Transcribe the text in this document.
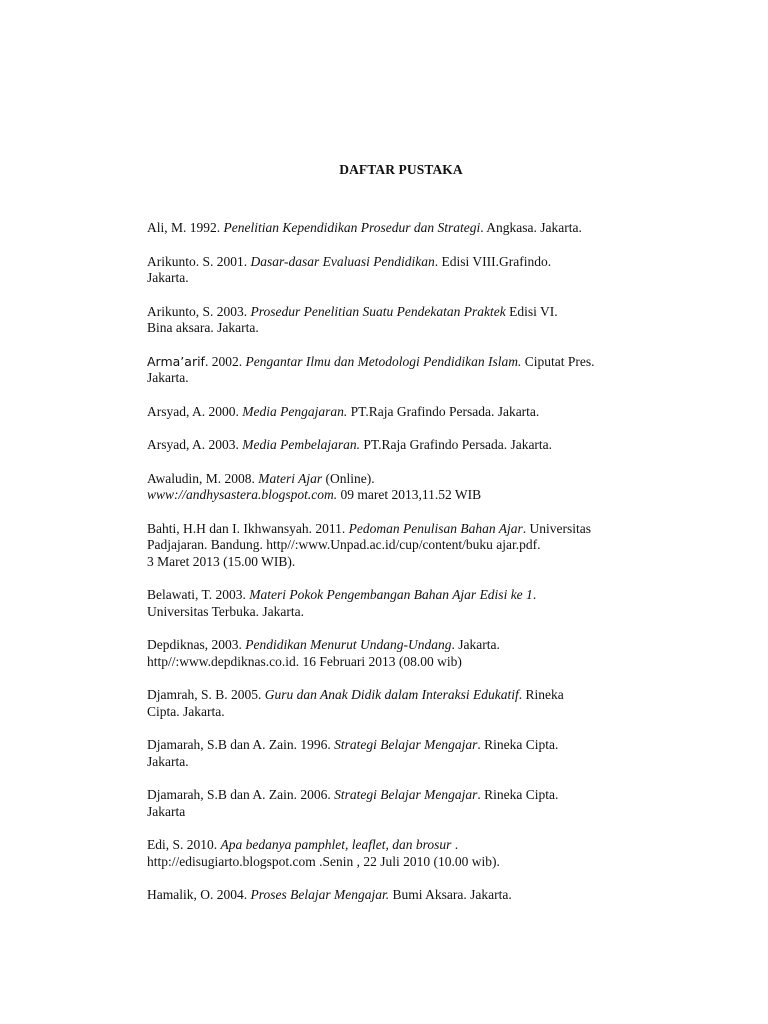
DAFTAR PUSTAKA
Ali, M. 1992. Penelitian Kependidikan Prosedur dan Strategi. Angkasa. Jakarta.
Arikunto. S. 2001. Dasar-dasar Evaluasi Pendidikan. Edisi VIII.Grafindo.
Jakarta.
Arikunto, S. 2003. Prosedur Penelitian Suatu Pendekatan Praktek Edisi VI.
Bina aksara. Jakarta.
Arma’arif. 2002. Pengantar Ilmu dan Metodologi Pendidikan Islam. Ciputat Pres.
Jakarta.
Arsyad, A. 2000. Media Pengajaran. PT.Raja Grafindo Persada. Jakarta.
Arsyad, A. 2003. Media Pembelajaran. PT.Raja Grafindo Persada. Jakarta.
Awaludin, M. 2008. Materi Ajar (Online).
www://andhysastera.blogspot.com. 09 maret 2013,11.52 WIB
Bahti, H.H dan I. Ikhwansyah. 2011. Pedoman Penulisan Bahan Ajar. Universitas
Padjajaran. Bandung. http//:www.Unpad.ac.id/cup/content/buku ajar.pdf.
3 Maret 2013 (15.00 WIB).
Belawati, T. 2003. Materi Pokok Pengembangan Bahan Ajar Edisi ke 1.
Universitas Terbuka. Jakarta.
Depdiknas, 2003. Pendidikan Menurut Undang-Undang. Jakarta.
http//:www.depdiknas.co.id. 16 Februari 2013 (08.00 wib)
Djamrah, S. B. 2005. Guru dan Anak Didik dalam Interaksi Edukatif. Rineka
Cipta. Jakarta.
Djamarah, S.B dan A. Zain. 1996. Strategi Belajar Mengajar. Rineka Cipta.
Jakarta.
Djamarah, S.B dan A. Zain. 2006. Strategi Belajar Mengajar. Rineka Cipta.
Jakarta
Edi, S. 2010. Apa bedanya pamphlet, leaflet, dan brosur .
http://edisugiarto.blogspot.com .Senin , 22 Juli 2010 (10.00 wib).
Hamalik, O. 2004. Proses Belajar Mengajar. Bumi Aksara. Jakarta.
